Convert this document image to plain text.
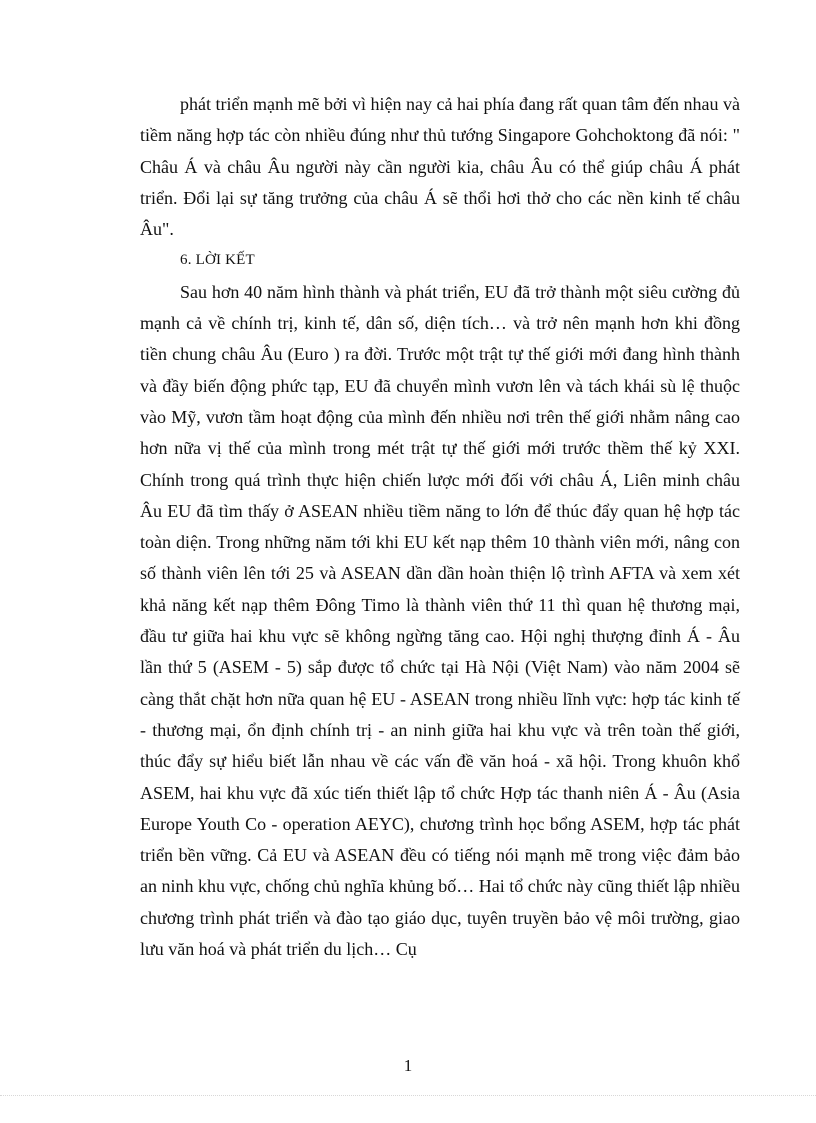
phát triển mạnh mẽ bởi vì hiện nay cả hai phía đang rất quan tâm đến nhau và tiềm năng hợp tác còn nhiều đúng như thủ tướng Singapore Gohchoktong đã nói: " Châu Á và châu Âu người này cần người kia, châu Âu có thể giúp châu Á phát triển. Đổi lại sự tăng trưởng của châu Á sẽ thổi hơi thở cho các nền kinh tế châu Âu".

6. LỜI KẾT

Sau hơn 40 năm hình thành và phát triển, EU đã trở thành một siêu cường đủ mạnh cả về chính trị, kinh tế, dân số, diện tích… và trở nên mạnh hơn khi đồng tiền chung châu Âu (Euro ) ra đời. Trước một trật tự thế giới mới đang hình thành và đầy biến động phức tạp, EU đã chuyển mình vươn lên và tách khái sù lệ thuộc vào Mỹ, vươn tầm hoạt động của mình đến nhiều nơi trên thế giới nhằm nâng cao hơn nữa vị thế của mình trong mét trật tự thế giới mới trước thềm thế kỷ XXI. Chính trong quá trình thực hiện chiến lược mới đối với châu Á, Liên minh châu Âu EU đã tìm thấy ở ASEAN nhiều tiềm năng to lớn để thúc đẩy quan hệ hợp tác toàn diện. Trong những năm tới khi EU kết nạp thêm 10 thành viên mới, nâng con số thành viên lên tới 25 và ASEAN dần dần hoàn thiện lộ trình AFTA và xem xét khả năng kết nạp thêm Đông Timo là thành viên thứ 11 thì quan hệ thương mại, đầu tư giữa hai khu vực sẽ không ngừng tăng cao. Hội nghị thượng đỉnh Á - Âu lần thứ 5 (ASEM - 5) sắp được tổ chức tại Hà Nội (Việt Nam) vào năm 2004 sẽ càng thắt chặt hơn nữa quan hệ EU - ASEAN trong nhiều lĩnh vực: hợp tác kinh tế - thương mại, ổn định chính trị - an ninh giữa hai khu vực và trên toàn thế giới, thúc đẩy sự hiểu biết lẫn nhau về các vấn đề văn hoá - xã hội. Trong khuôn khổ ASEM, hai khu vực đã xúc tiến thiết lập tổ chức Hợp tác thanh niên Á - Âu (Asia Europe Youth Co - operation AEYC), chương trình học bổng ASEM, hợp tác phát triển bền vững. Cả EU và ASEAN đều có tiếng nói mạnh mẽ trong việc đảm bảo an ninh khu vực, chống chủ nghĩa khủng bố… Hai tổ chức này cũng thiết lập nhiều chương trình phát triển và đào tạo giáo dục, tuyên truyền bảo vệ môi trường, giao lưu văn hoá và phát triển du lịch… Cụ

1
